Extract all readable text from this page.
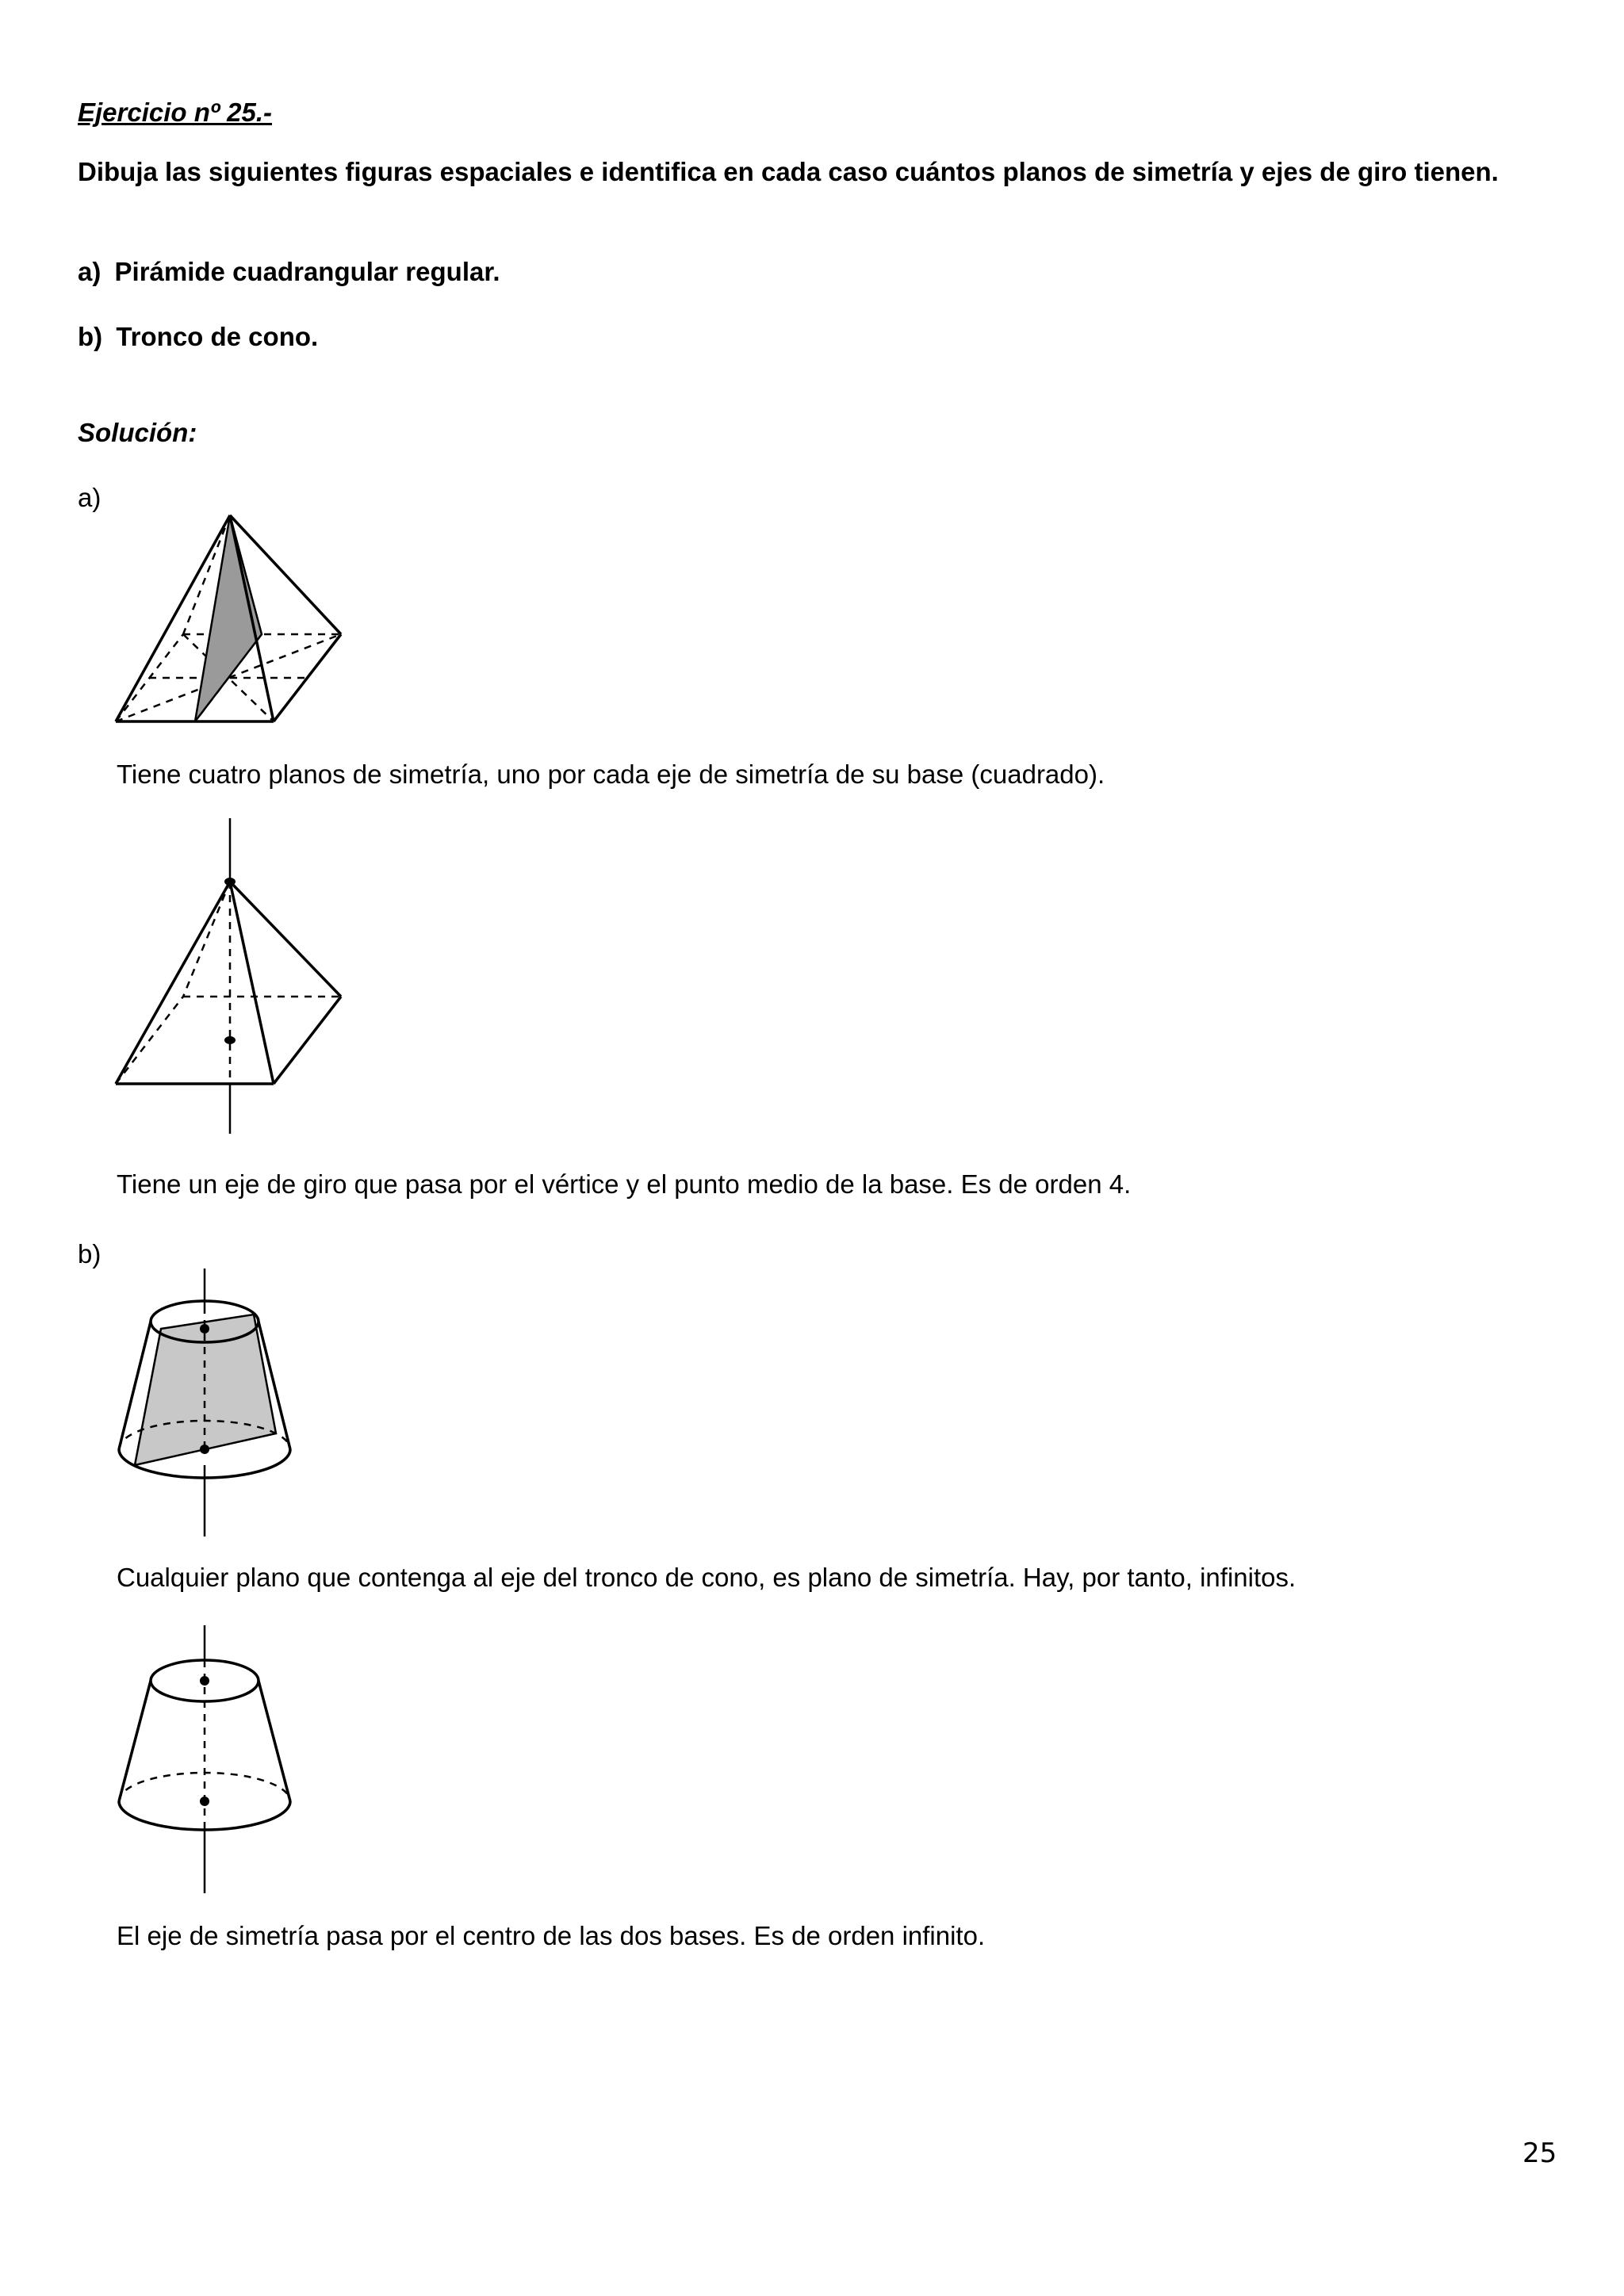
Ejercicio nº 25.-
Dibuja las siguientes figuras espaciales e identifica en cada caso cuántos planos de simetría y ejes de giro tienen.
a) Pirámide cuadrangular regular.
b) Tronco de cono.
Solución:
a)
Tiene cuatro planos de simetría, uno por cada eje de simetría de su base (cuadrado).
Tiene un eje de giro que pasa por el vértice y el punto medio de la base. Es de orden 4.
b)
Cualquier plano que contenga al eje del tronco de cono, es plano de simetría. Hay, por tanto, infinitos.
El eje de simetría pasa por el centro de las dos bases. Es de orden infinito.
25
